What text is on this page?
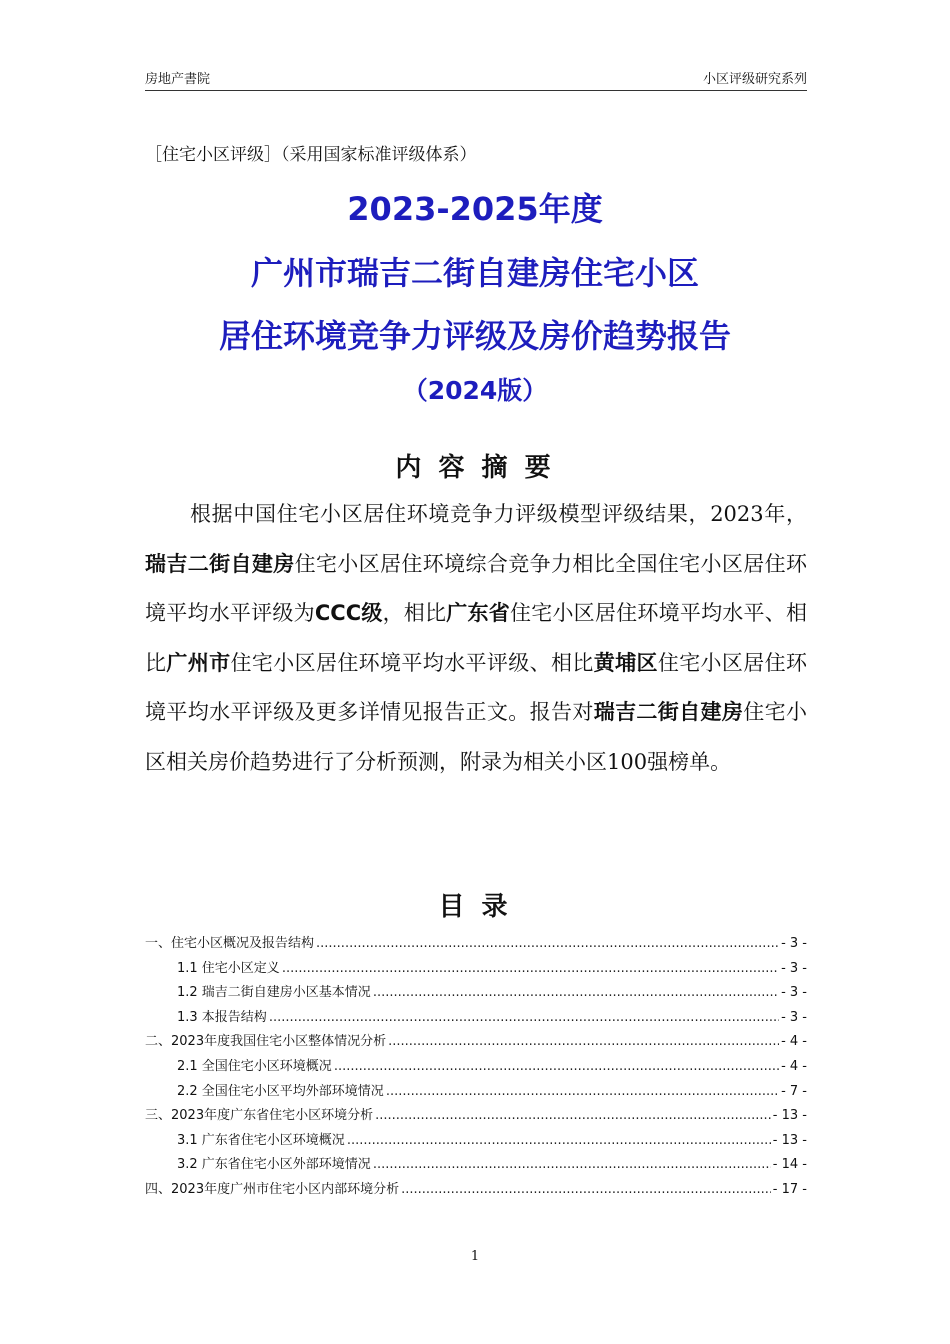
房地产書院	小区评级研究系列
［住宅小区评级］（采用国家标准评级体系）
2023-2025年度
广州市瑞吉二街自建房住宅小区
居住环境竞争力评级及房价趋势报告
（2024版）
内 容 摘 要

根据中国住宅小区居住环境竞争力评级模型评级结果，2023年，瑞吉二街自建房住宅小区居住环境综合竞争力相比全国住宅小区居住环境平均水平评级为CCC级，相比广东省住宅小区居住环境平均水平、相比广州市住宅小区居住环境平均水平评级、相比黄埔区住宅小区居住环境平均水平评级及更多详情见报告正文。报告对瑞吉二街自建房住宅小区相关房价趋势进行了分析预测，附录为相关小区100强榜单。

目 录
一、住宅小区概况及报告结构 .....	- 3 -
1.1 住宅小区定义 .....	- 3 -
1.2 瑞吉二街自建房小区基本情况 .....	- 3 -
1.3 本报告结构 .....	- 3 -
二、2023年度我国住宅小区整体情况分析 .....	- 4 -
2.1 全国住宅小区环境概况 .....	- 4 -
2.2 全国住宅小区平均外部环境情况 .....	- 7 -
三、2023年度广东省住宅小区环境分析 .....	- 13 -
3.1 广东省住宅小区环境概况 .....	- 13 -
3.2 广东省住宅小区外部环境情况 .....	- 14 -
四、2023年度广州市住宅小区内部环境分析 .....	- 17 -
1
